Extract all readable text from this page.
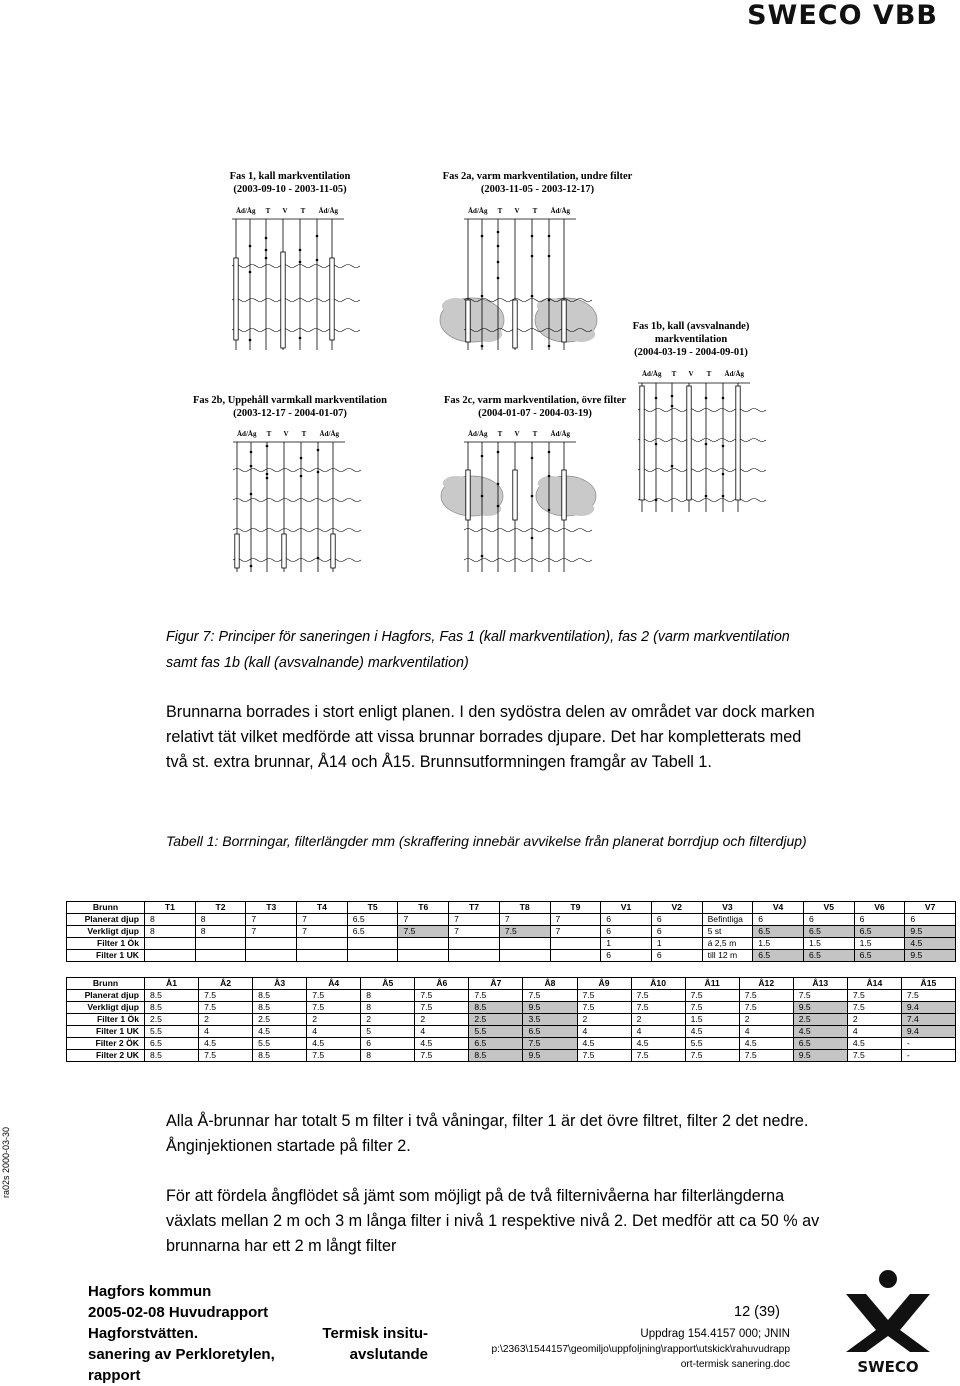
SWECO VBB
Fas 1, kall markventilation
(2003-09-10 - 2003-11-05)
Fas 2a, varm markventilation, undre filter
(2003-11-05 - 2003-12-17)
Fas 1b, kall (avsvalnande)
markventilation
(2004-03-19 - 2004-09-01)
Fas 2b, Uppehåll varmkall markventilation
(2003-12-17 - 2004-01-07)
Fas 2c, varm markventilation, övre filter
(2004-01-07 - 2004-03-19)
Åd/Åg T V T Åd/Åg	Åd/Åg T V T Åd/Åg
Åd/Åg T V T Åd/Åg
Åd/Åg T V T Åd/Åg	Åd/Åg T V T Åd/Åg
Figur 7: Principer för saneringen i Hagfors, Fas 1 (kall markventilation), fas 2 (varm markventilation samt fas 1b (kall (avsvalnande) markventilation)
Brunnarna borrades i stort enligt planen. I den sydöstra delen av området var dock marken relativt tät vilket medförde att vissa brunnar borrades djupare. Det har kompletterats med två st. extra brunnar, Å14 och Å15. Brunnsutformningen framgår av Tabell 1.
Tabell 1: Borrningar, filterlängder mm (skraffering innebär avvikelse från planerat borrdjup och filterdjup)
Brunn	T1	T2	T3	T4	T5	T6	T7	T8	T9	V1	V2	V3	V4	V5	V6	V7
Planerat djup	8	8	7	7	6.5	7	7	7	7	6	6	Befintliga	6	6	6	6
Verkligt djup	8	8	7	7	6.5	7.5	7	7.5	7	6	6	5 st	6.5	6.5	6.5	9.5
Filter 1 Ök										1	1	á 2,5 m	1.5	1.5	1.5	4.5
Filter 1 UK										6	6	till 12 m	6.5	6.5	6.5	9.5
Brunn	Å1	Å2	Å3	Å4	Å5	Å6	Å7	Å8	Å9	Å10	Å11	Å12	Å13	Å14	Å15
Planerat djup	8.5	7.5	8.5	7.5	8	7.5	7.5	7.5	7.5	7.5	7.5	7.5	7.5	7.5	7.5
Verkligt djup	8.5	7.5	8.5	7.5	8	7.5	8.5	9.5	7.5	7.5	7.5	7.5	9.5	7.5	9.4
Filter 1 Ök	2.5	2	2.5	2	2	2	2.5	3.5	2	2	1.5	2	2.5	2	7.4
Filter 1 UK	5.5	4	4.5	4	5	4	5.5	6.5	4	4	4.5	4	4.5	4	9.4
Filter 2 ÖK	6.5	4.5	5.5	4.5	6	4.5	6.5	7.5	4.5	4.5	5.5	4.5	6.5	4.5	-
Filter 2 UK	8.5	7.5	8.5	7.5	8	7.5	8.5	9.5	7.5	7.5	7.5	7.5	9.5	7.5	-
Alla Å-brunnar har totalt 5 m filter i två våningar, filter 1 är det övre filtret, filter 2 det nedre. Ånginjektionen startade på filter 2.
För att fördela ångflödet så jämt som möjligt på de två filternivåerna har filterlängderna växlats mellan 2 m och 3 m långa filter i nivå 1 respektive nivå 2. Det medför att ca 50 % av brunnarna har ett 2 m långt filter
ra02s 2000-03-30
Hagfors kommun
2005-02-08 Huvudrapport
Hagforstvätten.	Termisk insitu-
sanering av Perkloretylen,	avslutande
rapport
12 (39)
Uppdrag 154.4157 000; JNIN
p:\2363\1544157\geomiljo\uppfoljning\rapport\utskick\rahuvudrapp
ort-termisk sanering.doc	SWECO
